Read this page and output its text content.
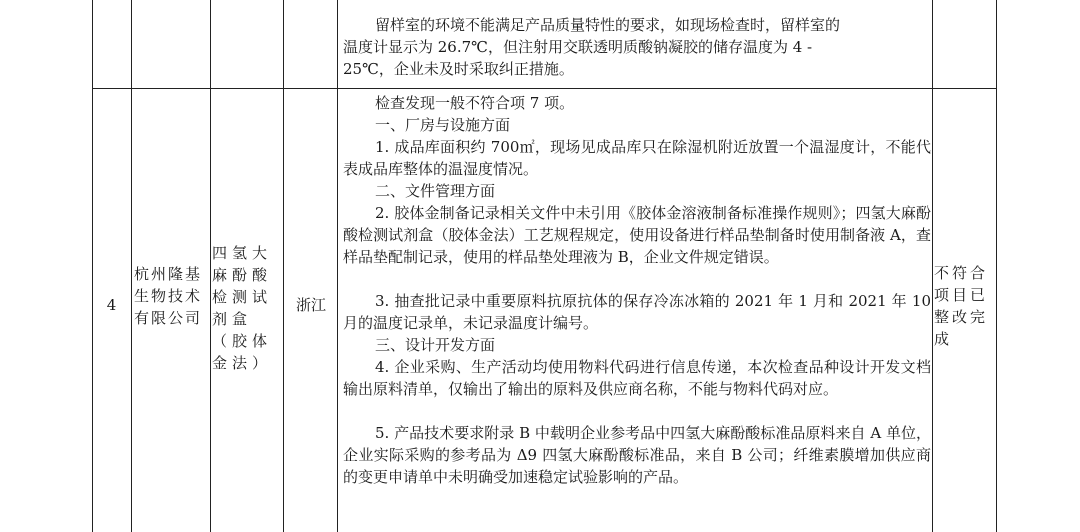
留样室的环境不能满足产品质量特性的要求，如现场检查时，留样室的
温度计显示为 26.7℃，但注射用交联透明质酸钠凝胶的储存温度为 4 -
25℃，企业未及时采取纠正措施。
4
杭州隆基生物技术有限公司
四氢大麻酚酸检测试剂盒（胶体金法）
浙江
检查发现一般不符合项 7 项。
一、厂房与设施方面
1. 成品库面积约 700㎡，现场见成品库只在除湿机附近放置一个温湿度计，不能代表成品库整体的温湿度情况。
二、文件管理方面
2. 胶体金制备记录相关文件中未引用《胶体金溶液制备标准操作规则》；四氢大麻酚酸检测试剂盒（胶体金法）工艺规程规定，使用设备进行样品垫制备时使用制备液 A，查样品垫配制记录，使用的样品垫处理液为 B，企业文件规定错误。
3. 抽查批记录中重要原料抗原抗体的保存冷冻冰箱的 2021 年 1 月和 2021 年 10 月的温度记录单，未记录温度计编号。
三、设计开发方面
4. 企业采购、生产活动均使用物料代码进行信息传递，本次检查品种设计开发文档输出原料清单，仅输出了输出的原料及供应商名称，不能与物料代码对应。
5. 产品技术要求附录 B 中载明企业参考品中四氢大麻酚酸标准品原料来自 A 单位，企业实际采购的参考品为 Δ9 四氢大麻酚酸标准品，来自 B 公司；纤维素膜增加供应商的变更申请单中未明确受加速稳定试验影响的产品。
不符合项目已整改完成
